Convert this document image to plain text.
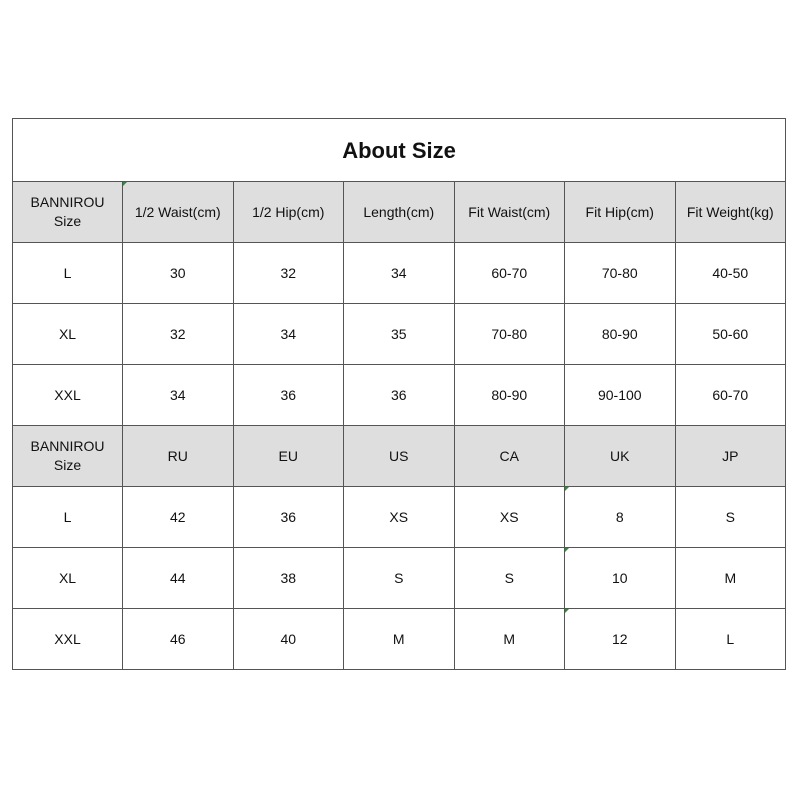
About Size						
BANNIROU
Size	1/2 Waist(cm)	1/2 Hip(cm)	Length(cm)	Fit Waist(cm)	Fit Hip(cm)	Fit Weight(kg)
L	30	32	34	60-70	70-80	40-50
XL	32	34	35	70-80	80-90	50-60
XXL	34	36	36	80-90	90-100	60-70
BANNIROU
Size	RU	EU	US	CA	UK	JP
L	42	36	XS	XS	8	S
XL	44	38	S	S	10	M
XXL	46	40	M	M	12	L
